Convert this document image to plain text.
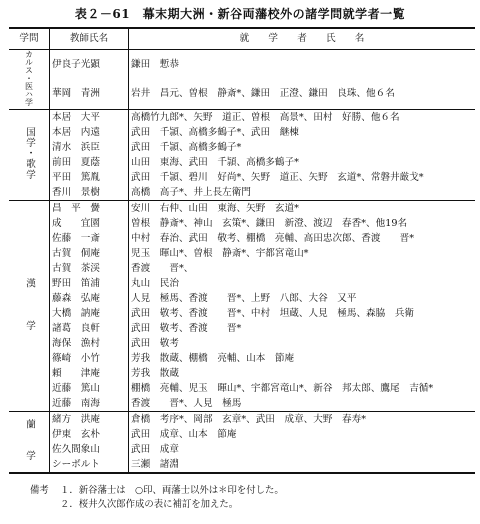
表２－61　幕末期大洲・新谷両藩校外の諸学問就学者一覧
学問	教師氏名	就　　学　　者　　氏　　名
カルス・医ハ学	伊良子光顕	鎌田　慙恭
	華岡　青洲	岩井　昌元、曽根　静斎*、鎌田　正澄、鎌田　良珠、他６名
国学・歌学	本居　大平	高橋竹九郎*、矢野　道正、曽根　高景*、田村　好勝、他６名
	本居　内遠	武田　千頴、高橋多鶴子*、武田　継棟
	清水　浜臣	武田　千頴、高橋多鶴子*
	前田　夏蔭	山田　東海、武田　千頴、高橋多鶴子*
	平田　篤胤	武田　千頴、碧川　好尚*、矢野　道正、矢野　玄道*、常磐井厳戈*
	香川　景樹	高橋　高子*、井上長左衛門
漢　　　学	昌　平　黌	安川　右仲、山田　東海、矢野　玄道*
	成　　宜園	曽根　静斎*、神山　玄策*、鎌田　新澄、渡辺　春香*、他19名
	佐藤　一斎	中村　春治、武田　敬考、棚橋　亮輔、高田忠次郎、香渡　　晋*
	古賀　侗庵	児玉　暉山*、曽根　静斎*、宇都宮竜山*
	古賀　茶渓	香渡　　晋*、
	野田　笛浦	丸山　民治
	藤森　弘庵	人見　極馬、香渡　　晋*、上野　八郎、大谷　又平
	大橋　訥庵	武田　敬考、香渡　　晋*、中村　坦蔵、人見　極馬、森脇　兵衛
	諸葛　良軒	武田　敬考、香渡　　晋*
	海保　漁村	武田　敬考
	篠崎　小竹	芳我　散蔵、棚橋　亮輔、山本　節庵
	頼　　津庵	芳我　散蔵
	近藤　篤山	棚橋　亮輔、児玉　暉山*、宇都宮竜山*、新谷　邦太郎、鷹尾　吉循*
	近藤　南海	香渡　　晋*、人見　極馬
蘭　　学	緒方　洪庵	倉橋　考序*、岡部　玄章*、武田　成章、大野　春寿*
	伊東　玄朴	武田　成章、山本　節庵
	佐久間象山	武田　成章
	シーボルト	三瀬　諸淵
備考	１．新谷藩士は　○印、両藩士以外は＊印を付した。
２．桜井久次郎作成の表に補訂を加えた。
